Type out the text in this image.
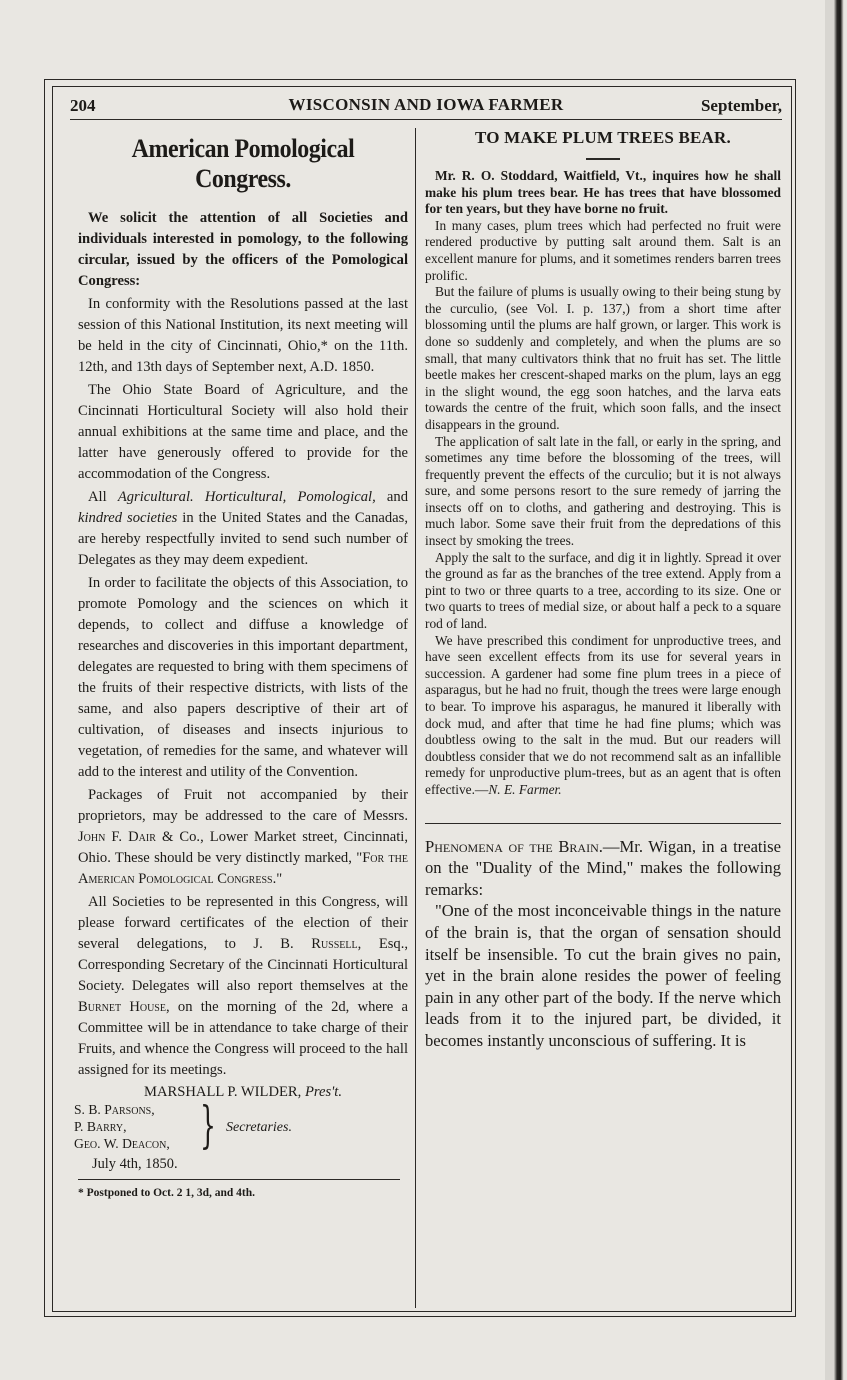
204	WISCONSIN AND IOWA FARMER	September,
American Pomological Congress.

We solicit the attention of all Societies and individuals interested in pomology, to the following circular, issued by the officers of the Pomological Congress:

In conformity with the Resolutions passed at the last session of this National Institution, its next meeting will be held in the city of Cincinnati, Ohio,* on the 11th. 12th, and 13th days of September next, A.D. 1850.

The Ohio State Board of Agriculture, and the Cincinnati Horticultural Society will also hold their annual exhibitions at the same time and place, and the latter have generously offered to provide for the accommodation of the Congress.

All Agricultural. Horticultural, Pomological, and kindred societies in the United States and the Canadas, are hereby respectfully invited to send such number of Delegates as they may deem expedient.

In order to facilitate the objects of this Association, to promote Pomology and the sciences on which it depends, to collect and diffuse a knowledge of researches and discoveries in this important department, delegates are requested to bring with them specimens of the fruits of their respective districts, with lists of the same, and also papers descriptive of their art of cultivation, of diseases and insects injurious to vegetation, of remedies for the same, and whatever will add to the interest and utility of the Convention.

Packages of Fruit not accompanied by their proprietors, may be addressed to the care of Messrs. John F. Dair & Co., Lower Market street, Cincinnati, Ohio. These should be very distinctly marked, "For the American Pomological Congress."

All Societies to be represented in this Congress, will please forward certificates of the election of their several delegations, to J. B. Russell, Esq., Corresponding Secretary of the Cincinnati Horticultural Society. Delegates will also report themselves at the Burnet House, on the morning of the 2d, where a Committee will be in attendance to take charge of their Fruits, and whence the Congress will proceed to the hall assigned for its meetings.

MARSHALL P. WILDER, Pres't.
S. B. Parsons,
P. Barry,
Geo. W. Deacon, } Secretaries.
July 4th, 1850.
* Postponed to Oct. 2 1, 3d, and 4th.
TO MAKE PLUM TREES BEAR.

Mr. R. O. Stoddard, Waitfield, Vt., inquires how he shall make his plum trees bear. He has trees that have blossomed for ten years, but they have borne no fruit.

In many cases, plum trees which had perfected no fruit were rendered productive by putting salt around them. Salt is an excellent manure for plums, and it sometimes renders barren trees prolific.

But the failure of plums is usually owing to their being stung by the curculio, (see Vol. I. p. 137,) from a short time after blossoming until the plums are half grown, or larger. This work is done so suddenly and completely, and when the plums are so small, that many cultivators think that no fruit has set. The little beetle makes her crescent-shaped marks on the plum, lays an egg in the slight wound, the egg soon hatches, and the larva eats towards the centre of the fruit, which soon falls, and the insect disappears in the ground.

The application of salt late in the fall, or early in the spring, and sometimes any time before the blossoming of the trees, will frequently prevent the effects of the curculio; but it is not always sure, and some persons resort to the sure remedy of jarring the insects off on to cloths, and gathering and destroying. This is much labor. Some save their fruit from the depredations of this insect by smoking the trees.

Apply the salt to the surface, and dig it in lightly. Spread it over the ground as far as the branches of the tree extend. Apply from a pint to two or three quarts to a tree, according to its size. One or two quarts to trees of medial size, or about half a peck to a square rod of land.

We have prescribed this condiment for unproductive trees, and have seen excellent effects from its use for several years in succession. A gardener had some fine plum trees in a piece of asparagus, but he had no fruit, though the trees were large enough to bear. To improve his asparagus, he manured it liberally with dock mud, and after that time he had fine plums; which was doubtless owing to the salt in the mud. But our readers will doubtless consider that we do not recommend salt as an infallible remedy for unproductive plum-trees, but as an agent that is often effective.—N. E. Farmer.

Phenomena of the Brain.—Mr. Wigan, in a treatise on the "Duality of the Mind," makes the following remarks:

"One of the most inconceivable things in the nature of the brain is, that the organ of sensation should itself be insensible. To cut the brain gives no pain, yet in the brain alone resides the power of feeling pain in any other part of the body. If the nerve which leads from it to the injured part, be divided, it becomes instantly unconscious of suffering. It is
